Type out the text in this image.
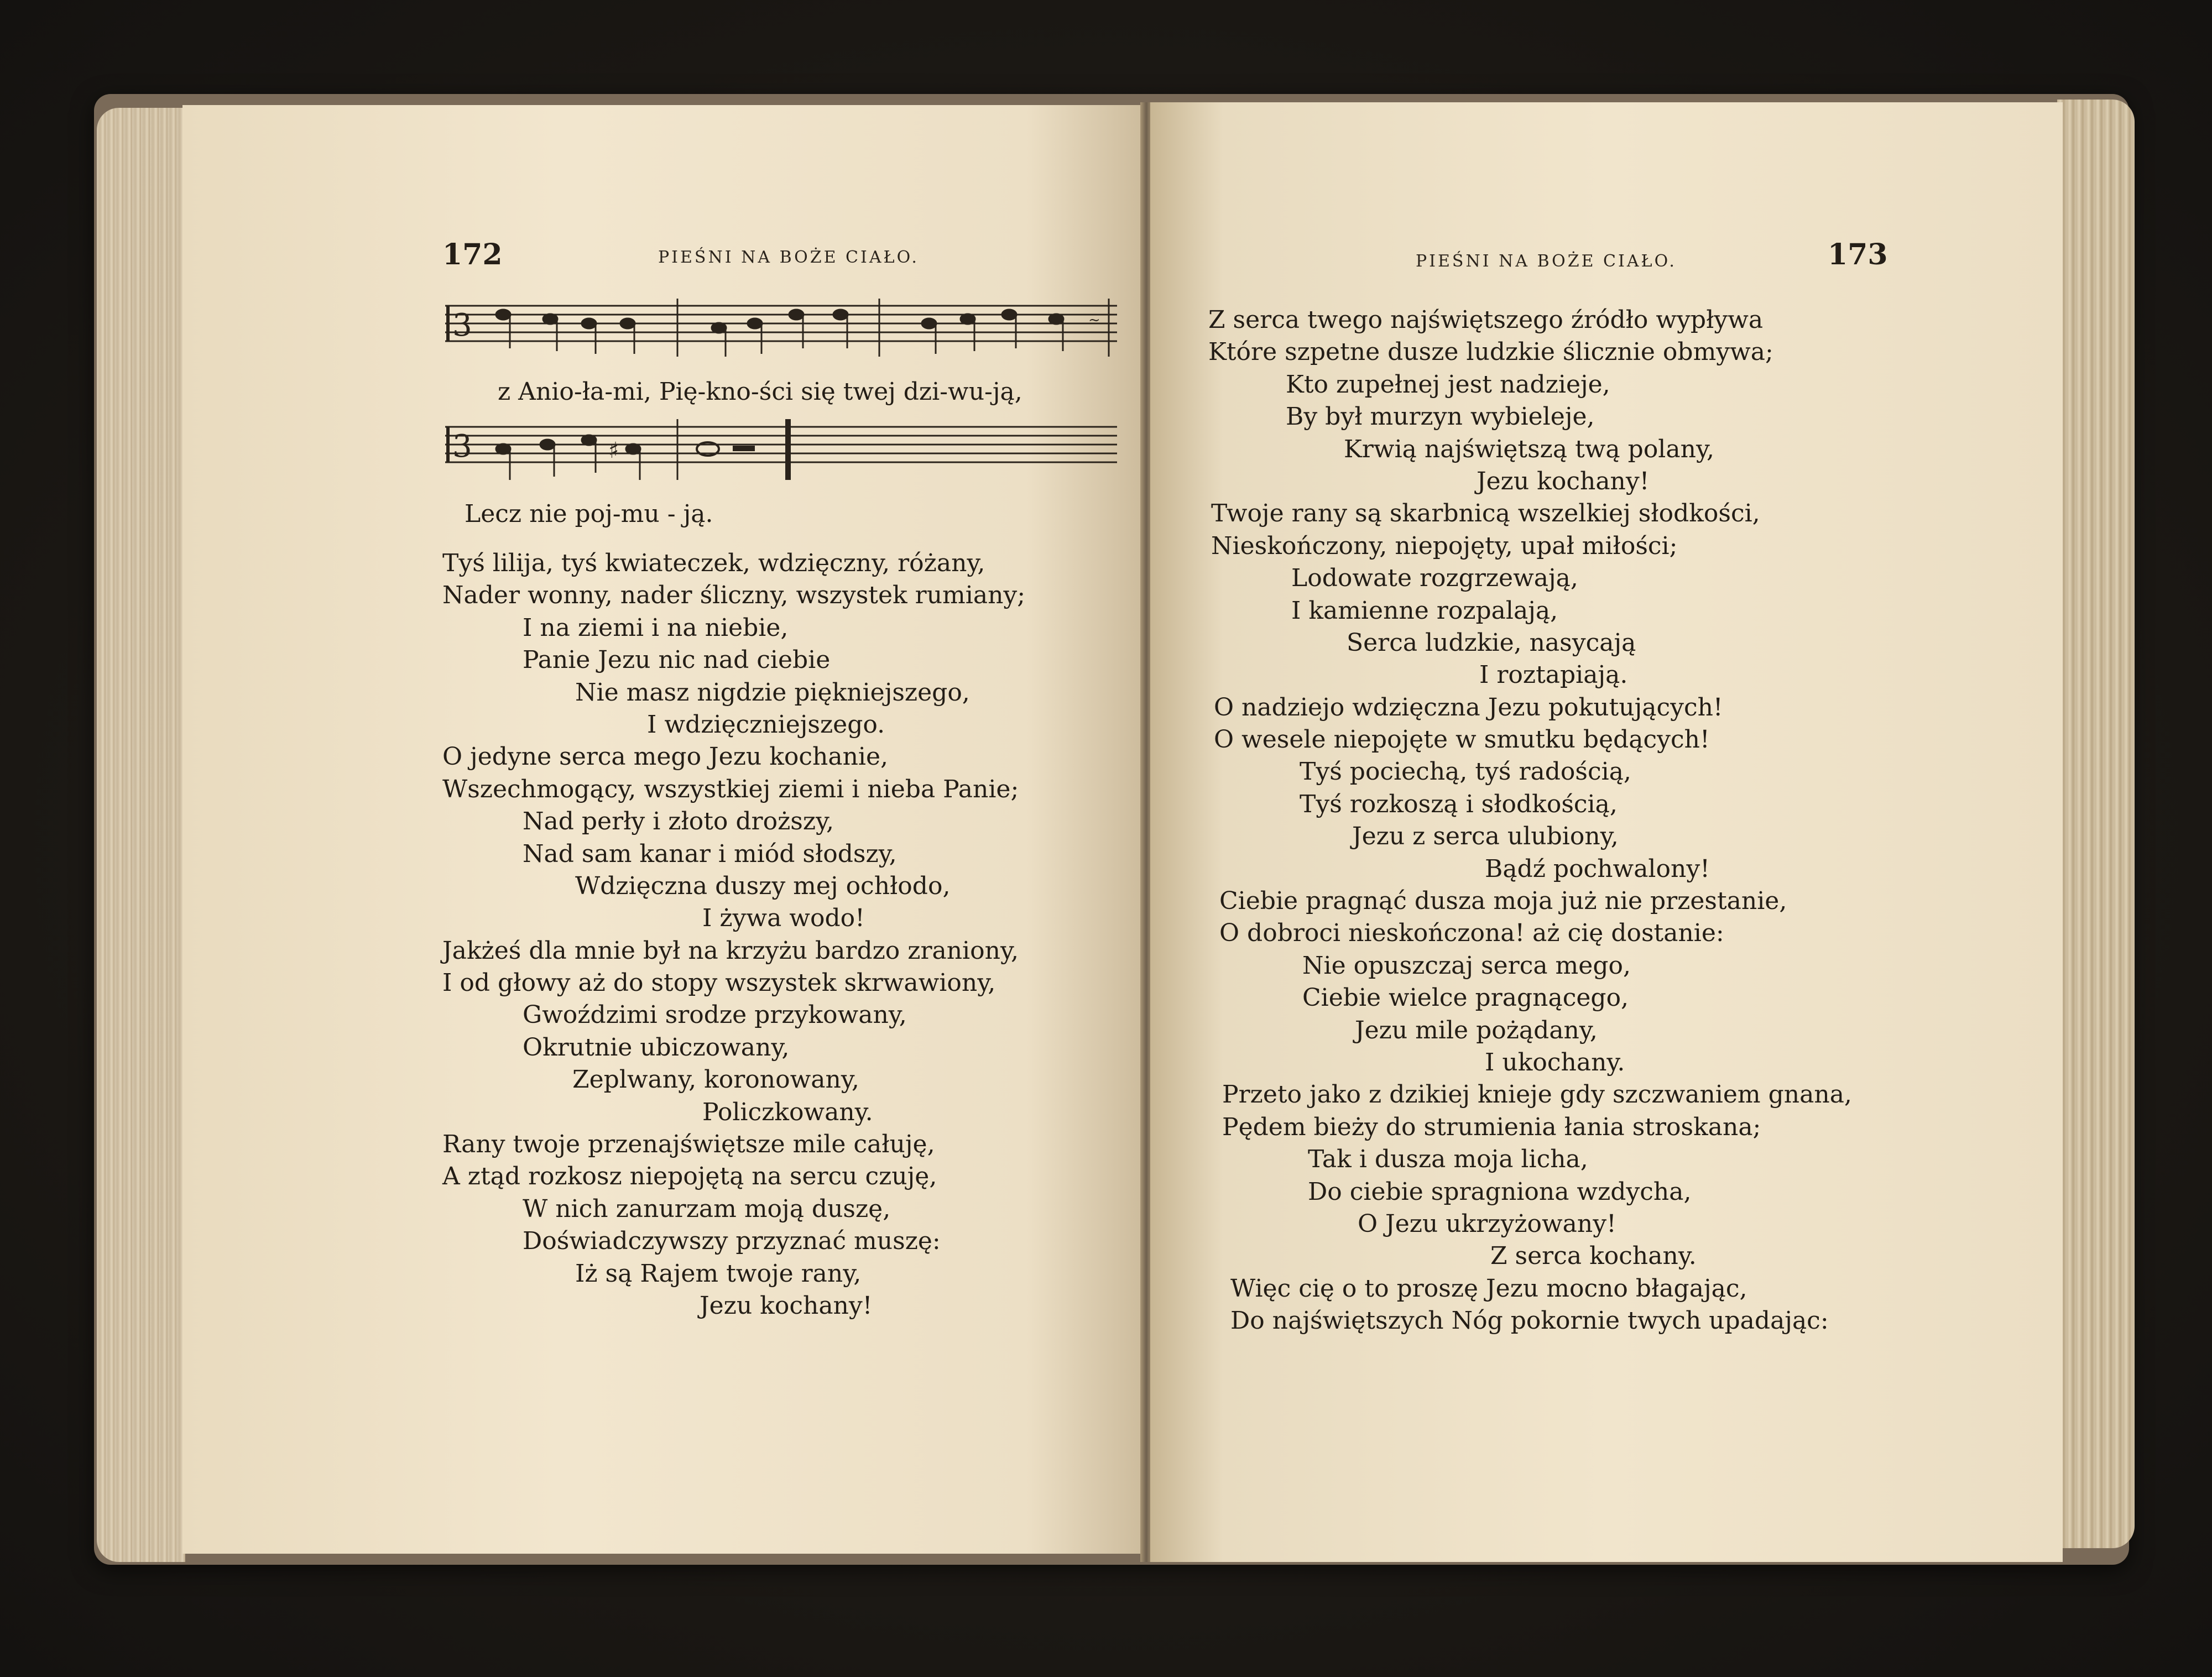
172	PIEŚNI NA BOŻE CIAŁO.
3	~
z Anio-ła-mi, Pię-kno-ści się twej dzi-wu-ją,
3	♯
Lecz nie poj-mu - ją.
Tyś lilija, tyś kwiateczek, wdzięczny, różany,
Nader wonny, nader śliczny, wszystek rumiany;
I na ziemi i na niebie,
Panie Jezu nic nad ciebie
Nie masz nigdzie piękniejszego,
I wdzięczniejszego.
O jedyne serca mego Jezu kochanie,
Wszechmogący, wszystkiej ziemi i nieba Panie;
Nad perły i złoto droższy,
Nad sam kanar i miód słodszy,
Wdzięczna duszy mej ochłodo,
I żywa wodo!
Jakżeś dla mnie był na krzyżu bardzo zraniony,
I od głowy aż do stopy wszystek skrwawiony,
Gwoździmi srodze przykowany,
Okrutnie ubiczowany,
Zeplwany, koronowany,
Policzkowany.
Rany twoje przenajświętsze mile całuję,
A ztąd rozkosz niepojętą na sercu czuję,
W nich zanurzam moją duszę,
Doświadczywszy przyznać muszę:
Iż są Rajem twoje rany,
Jezu kochany!
173
PIEŚNI NA BOŻE CIAŁO.
Z serca twego najświętszego źródło wypływa
Które szpetne dusze ludzkie ślicznie obmywa;
Kto zupełnej jest nadzieje,
By był murzyn wybieleje,
Krwią najświętszą twą polany,
Jezu kochany!
Twoje rany są skarbnicą wszelkiej słodkości,
Nieskończony, niepojęty, upał miłości;
Lodowate rozgrzewają,
I kamienne rozpalają,
Serca ludzkie, nasycają
I roztapiają.
O nadziejo wdzięczna Jezu pokutujących!
O wesele niepojęte w smutku będących!
Tyś pociechą, tyś radością,
Tyś rozkoszą i słodkością,
Jezu z serca ulubiony,
Bądź pochwalony!
Ciebie pragnąć dusza moja już nie przestanie,
O dobroci nieskończona! aż cię dostanie:
Nie opuszczaj serca mego,
Ciebie wielce pragnącego,
Jezu mile pożądany,
I ukochany.
Przeto jako z dzikiej knieje gdy szczwaniem gnana,
Pędem bieży do strumienia łania stroskana;
Tak i dusza moja licha,
Do ciebie spragniona wzdycha,
O Jezu ukrzyżowany!
Z serca kochany.
Więc cię o to proszę Jezu mocno błagając,
Do najświętszych Nóg pokornie twych upadając:
